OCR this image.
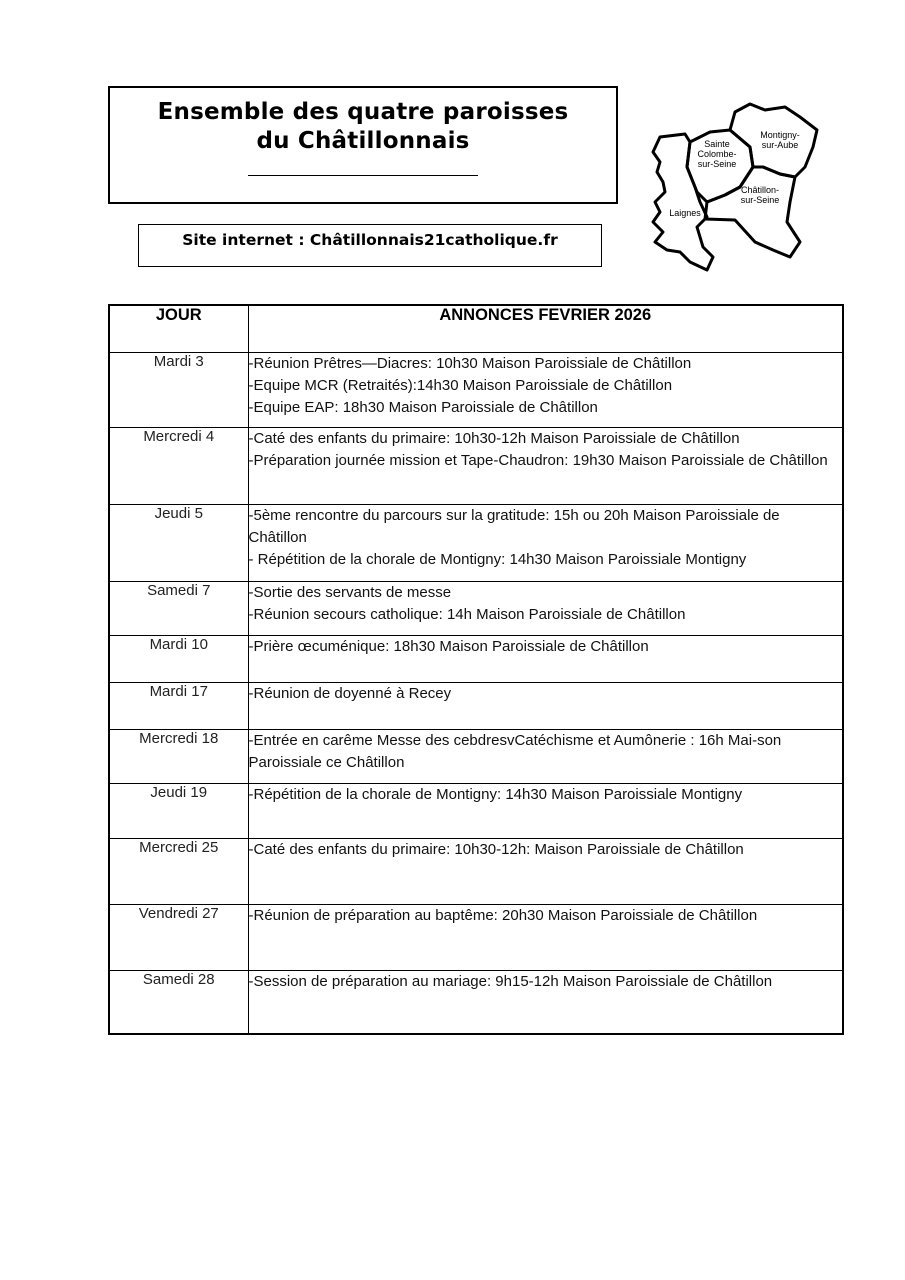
Ensemble des quatre paroisses
du Châtillonnais
Site internet : Châtillonnais21catholique.fr
Sainte
Colombe-
sur-Seine
Montigny-
sur-Aube
Châtillon-
sur-Seine
Laignes
JOUR	ANNONCES FEVRIER 2026
Mardi 3	-Réunion Prêtres—Diacres: 10h30 Maison Paroissiale de Châtillon
-Equipe MCR (Retraités):14h30 Maison Paroissiale de Châtillon
-Equipe EAP: 18h30 Maison Paroissiale de Châtillon

Mercredi 4	-Caté des enfants du primaire: 10h30-12h Maison Paroissiale de Châtillon
-Préparation journée mission et Tape-Chaudron: 19h30 Maison Paroissiale de Châtillon

Jeudi 5	-5ème rencontre du parcours sur la gratitude: 15h ou 20h Maison Paroissiale de Châtillon
- Répétition de la chorale de Montigny: 14h30 Maison Paroissiale Montigny

Samedi 7	-Sortie des servants de messe
-Réunion secours catholique: 14h Maison Paroissiale de Châtillon

Mardi 10	-Prière œcuménique: 18h30 Maison Paroissiale de Châtillon

Mardi 17	-Réunion de doyenné à Recey

Mercredi 18	-Entrée en carême Messe des cebdresvCatéchisme et Aumônerie : 16h Mai-son Paroissiale ce Châtillon

Jeudi 19	-Répétition de la chorale de Montigny: 14h30 Maison Paroissiale Montigny

Mercredi 25	-Caté des enfants du primaire: 10h30-12h: Maison Paroissiale de Châtillon

Vendredi 27	-Réunion de préparation au baptême: 20h30 Maison Paroissiale de Châtillon

Samedi 28	-Session de préparation au mariage: 9h15-12h Maison Paroissiale de Châtillon
